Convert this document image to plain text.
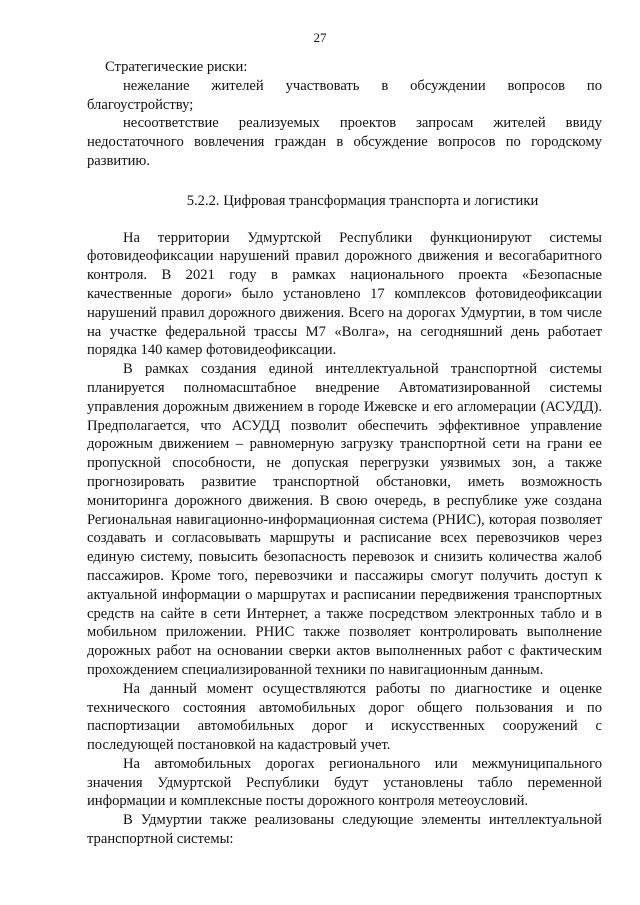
27

Стратегические риски:

нежелание жителей участвовать в обсуждении вопросов по благоустройству;

несоответствие реализуемых проектов запросам жителей ввиду недостаточного вовлечения граждан в обсуждение вопросов по городскому развитию.

5.2.2. Цифровая трансформация транспорта и логистики

На территории Удмуртской Республики функционируют системы фотовидеофиксации нарушений правил дорожного движения и весогабаритного контроля. В 2021 году в рамках национального проекта «Безопасные качественные дороги» было установлено 17 комплексов фотовидеофиксации нарушений правил дорожного движения. Всего на дорогах Удмуртии, в том числе на участке федеральной трассы М7 «Волга», на сегодняшний день работает порядка 140 камер фотовидеофиксации.

В рамках создания единой интеллектуальной транспортной системы планируется полномасштабное внедрение Автоматизированной системы управления дорожным движением в городе Ижевске и его агломерации (АСУДД). Предполагается, что АСУДД позволит обеспечить эффективное управление дорожным движением – равномерную загрузку транспортной сети на грани ее пропускной способности, не допуская перегрузки уязвимых зон, а также прогнозировать развитие транспортной обстановки, иметь возможность мониторинга дорожного движения. В свою очередь, в республике уже создана Региональная навигационно-информационная система (РНИС), которая позволяет создавать и согласовывать маршруты и расписание всех перевозчиков через единую систему, повысить безопасность перевозок и снизить количества жалоб пассажиров. Кроме того, перевозчики и пассажиры смогут получить доступ к актуальной информации о маршрутах и расписании передвижения транспортных средств на сайте в сети Интернет, а также посредством электронных табло и в мобильном приложении. РНИС также позволяет контролировать выполнение дорожных работ на основании сверки актов выполненных работ с фактическим прохождением специализированной техники по навигационным данным.

На данный момент осуществляются работы по диагностике и оценке технического состояния автомобильных дорог общего пользования и по паспортизации автомобильных дорог и искусственных сооружений с последующей постановкой на кадастровый учет.

На автомобильных дорогах регионального или межмуниципального значения Удмуртской Республики будут установлены табло переменной информации и комплексные посты дорожного контроля метеоусловий.

В Удмуртии также реализованы следующие элементы интеллектуальной транспортной системы:
